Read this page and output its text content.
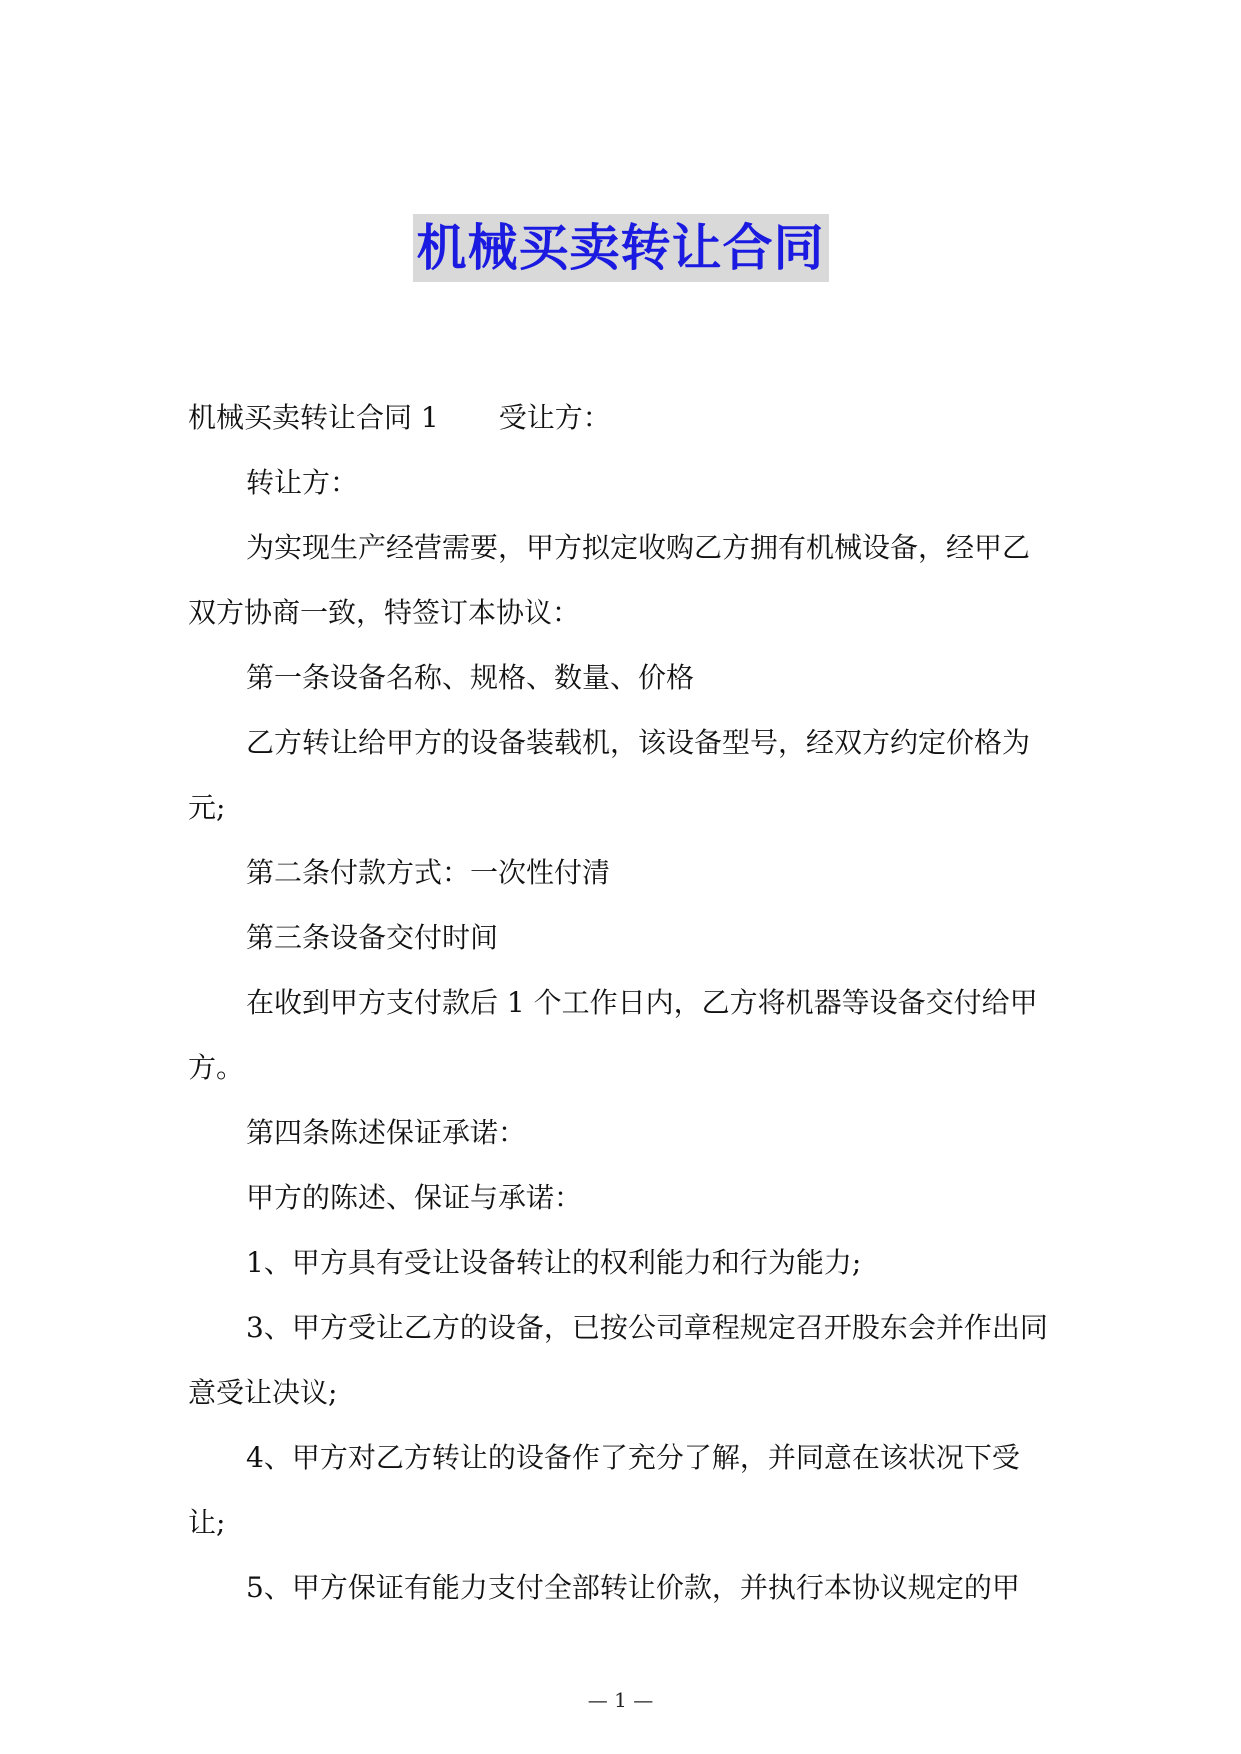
机械买卖转让合同

机械买卖转让合同 1 受让方：

转让方：

为实现生产经营需要，甲方拟定收购乙方拥有机械设备，经甲乙双方协商一致，特签订本协议：

第一条设备名称、规格、数量、价格

乙方转让给甲方的设备装载机，该设备型号，经双方约定价格为元;

第二条付款方式：一次性付清

第三条设备交付时间

在收到甲方支付款后 1 个工作日内，乙方将机器等设备交付给甲方。

第四条陈述保证承诺：

甲方的陈述、保证与承诺：

1、甲方具有受让设备转让的权利能力和行为能力;

3、甲方受让乙方的设备，已按公司章程规定召开股东会并作出同意受让决议;

4、甲方对乙方转让的设备作了充分了解，并同意在该状况下受让;

5、甲方保证有能力支付全部转让价款，并执行本协议规定的甲

— 1 —
